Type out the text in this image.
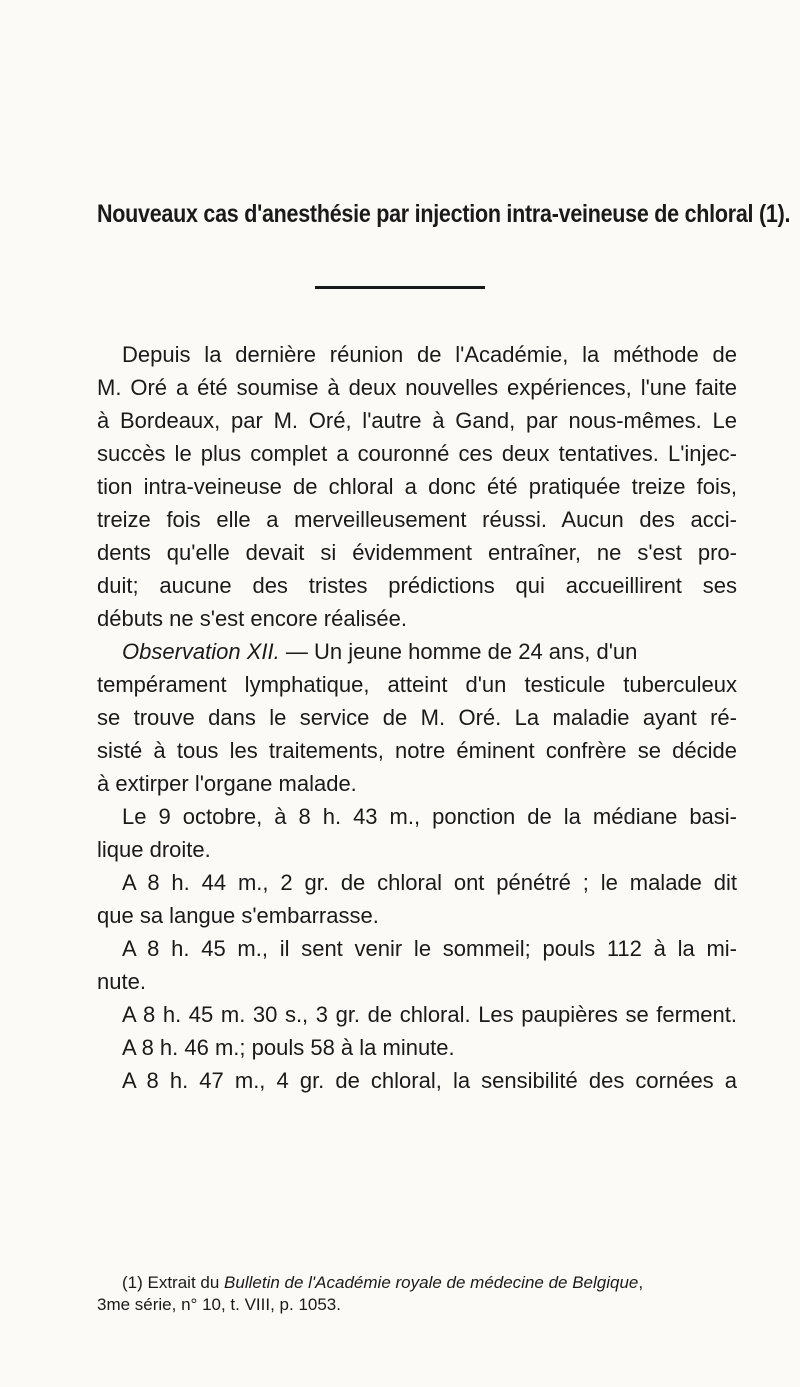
Nouveaux cas d'anesthésie par injection intra-veineuse de chloral (1).
Depuis la dernière réunion de l'Académie, la méthode de
M. Oré a été soumise à deux nouvelles expériences, l'une faite
à Bordeaux, par M. Oré, l'autre à Gand, par nous-mêmes. Le
succès le plus complet a couronné ces deux tentatives. L'injec-
tion intra-veineuse de chloral a donc été pratiquée treize fois,
treize fois elle a merveilleusement réussi. Aucun des acci-
dents qu'elle devait si évidemment entraîner, ne s'est pro-
duit; aucune des tristes prédictions qui accueillirent ses
débuts ne s'est encore réalisée.
Observation XII. — Un jeune homme de 24 ans, d'un
tempérament lymphatique, atteint d'un testicule tuberculeux
se trouve dans le service de M. Oré. La maladie ayant ré-
sisté à tous les traitements, notre éminent confrère se décide
à extirper l'organe malade.
Le 9 octobre, à 8 h. 43 m., ponction de la médiane basi-
lique droite.
A 8 h. 44 m., 2 gr. de chloral ont pénétré ; le malade dit
que sa langue s'embarrasse.
A 8 h. 45 m., il sent venir le sommeil; pouls 112 à la mi-
nute.
A 8 h. 45 m. 30 s., 3 gr. de chloral. Les paupières se ferment.
A 8 h. 46 m.; pouls 58 à la minute.
A 8 h. 47 m., 4 gr. de chloral, la sensibilité des cornées a
(1) Extrait du Bulletin de l'Académie royale de médecine de Belgique,
3me série, n° 10, t. VIII, p. 1053.
